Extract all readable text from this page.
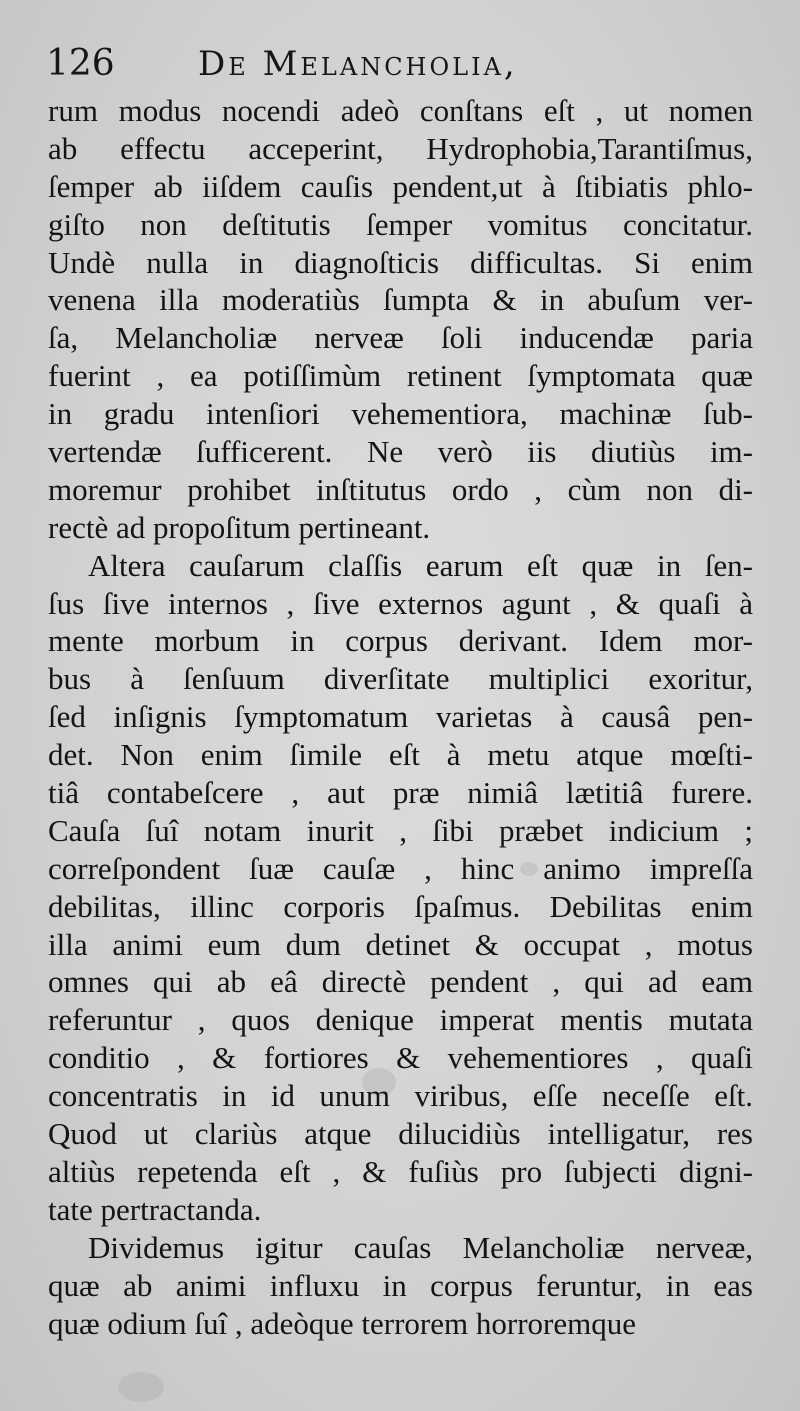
126 De Melancholia,
rum modus nocendi adeò conſtans eſt , ut nomen
ab effectu acceperint, Hydrophobia,Tarantiſmus,
ſemper ab iiſdem cauſis pendent,ut à ſtibiatis phlo-
giſto non deſtitutis ſemper vomitus concitatur.
Undè nulla in diagnoſticis difficultas. Si enim
venena illa moderatiùs ſumpta & in abuſum ver-
ſa, Melancholiæ nerveæ ſoli inducendæ paria
fuerint , ea potiſſimùm retinent ſymptomata quæ
in gradu intenſiori vehementiora, machinæ ſub-
vertendæ ſufficerent. Ne verò iis diutiùs im-
moremur prohibet inſtitutus ordo , cùm non di-
rectè ad propoſitum pertineant.
Altera cauſarum claſſis earum eſt quæ in ſen-
ſus ſive internos , ſive externos agunt , & quaſi à
mente morbum in corpus derivant. Idem mor-
bus à ſenſuum diverſitate multiplici exoritur,
ſed inſignis ſymptomatum varietas à causâ pen-
det. Non enim ſimile eſt à metu atque mœſti-
tiâ contabeſcere , aut præ nimiâ lætitiâ furere.
Cauſa ſuî notam inurit , ſibi præbet indicium ;
correſpondent ſuæ cauſæ , hinc animo impreſſa
debilitas, illinc corporis ſpaſmus. Debilitas enim
illa animi eum dum detinet & occupat , motus
omnes qui ab eâ directè pendent , qui ad eam
referuntur , quos denique imperat mentis mutata
conditio , & fortiores & vehementiores , quaſi
concentratis in id unum viribus, eſſe neceſſe eſt.
Quod ut clariùs atque dilucidiùs intelligatur, res
altiùs repetenda eſt , & fuſiùs pro ſubjecti digni-
tate pertractanda.
Dividemus igitur cauſas Melancholiæ nerveæ,
quæ ab animi influxu in corpus feruntur, in eas
quæ odium ſuî , adeòque terrorem horroremque
